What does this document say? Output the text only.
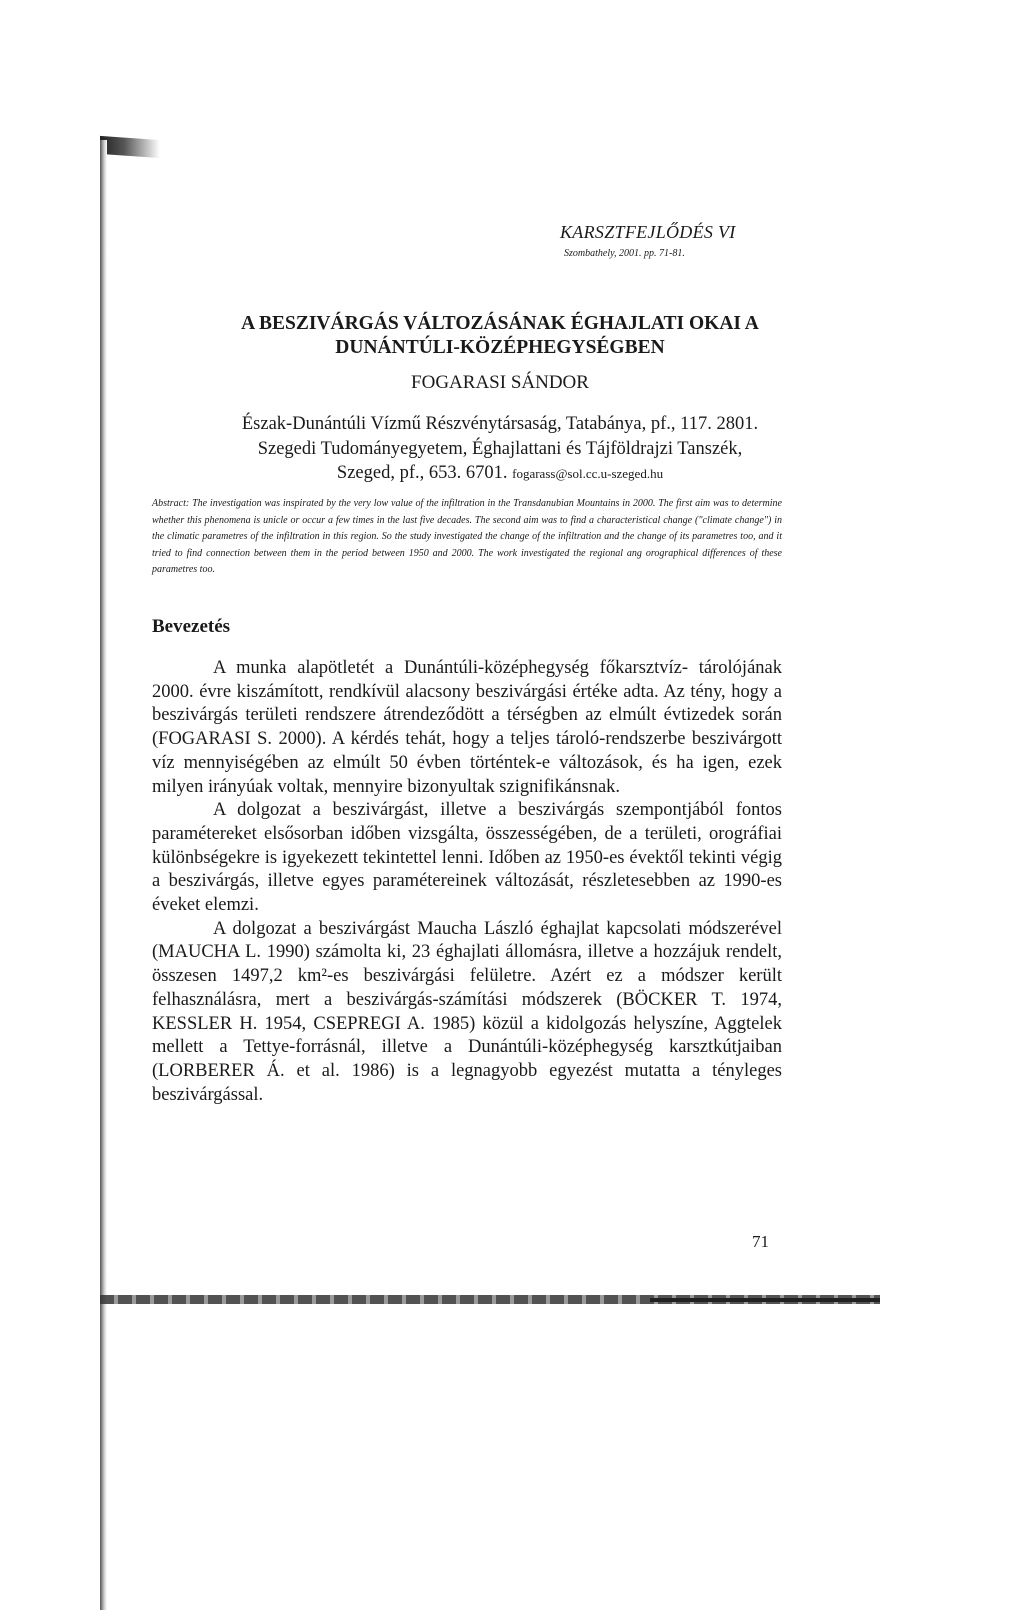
KARSZTFEJLŐDÉS VI
Szombathely, 2001. pp. 71-81.
A BESZIVÁRGÁS VÁLTOZÁSÁNAK ÉGHAJLATI OKAI A
DUNÁNTÚLI-KÖZÉPHEGYSÉGBEN
FOGARASI SÁNDOR
Észak-Dunántúli Vízmű Részvénytársaság, Tatabánya, pf., 117. 2801.
Szegedi Tudományegyetem, Éghajlattani és Tájföldrajzi Tanszék,
Szeged, pf., 653. 6701. fogarass@sol.cc.u-szeged.hu
Abstract: The investigation was inspirated by the very low value of the infiltration in the Transdanubian Mountains in 2000. The first aim was to determine whether this phenomena is unicle or occur a few times in the last five decades. The second aim was to find a characteristical change ("climate change") in the climatic parametres of the infiltration in this region. So the study investigated the change of the infiltration and the change of its parametres too, and it tried to find connection between them in the period between 1950 and 2000. The work investigated the regional ang orographical differences of these parametres too.
Bevezetés

A munka alapötletét a Dunántúli-középhegység főkarsztvíz- tárolójának 2000. évre kiszámított, rendkívül alacsony beszivárgási értéke adta. Az tény, hogy a beszivárgás területi rendszere átrendeződött a térségben az elmúlt évtizedek során (FOGARASI S. 2000). A kérdés tehát, hogy a teljes tároló-rendszerbe beszivárgott víz mennyiségében az elmúlt 50 évben történtek-e változások, és ha igen, ezek milyen irányúak voltak, mennyire bizonyultak szignifikánsnak.

A dolgozat a beszivárgást, illetve a beszivárgás szempontjából fontos paramétereket elsősorban időben vizsgálta, összességében, de a területi, orográfiai különbségekre is igyekezett tekintettel lenni. Időben az 1950-es évektől tekinti végig a beszivárgás, illetve egyes paramétereinek változását, részletesebben az 1990-es éveket elemzi.

A dolgozat a beszivárgást Maucha László éghajlat kapcsolati módszerével (MAUCHA L. 1990) számolta ki, 23 éghajlati állomásra, illetve a hozzájuk rendelt, összesen 1497,2 km²-es beszivárgási felületre. Azért ez a módszer került felhasználásra, mert a beszivárgás-számítási módszerek (BÖCKER T. 1974, KESSLER H. 1954, CSEPREGI A. 1985) közül a kidolgozás helyszíne, Aggtelek mellett a Tettye-forrásnál, illetve a Dunántúli-középhegység karsztkútjaiban (LORBERER Á. et al. 1986) is a legnagyobb egyezést mutatta a tényleges beszivárgással.

71
